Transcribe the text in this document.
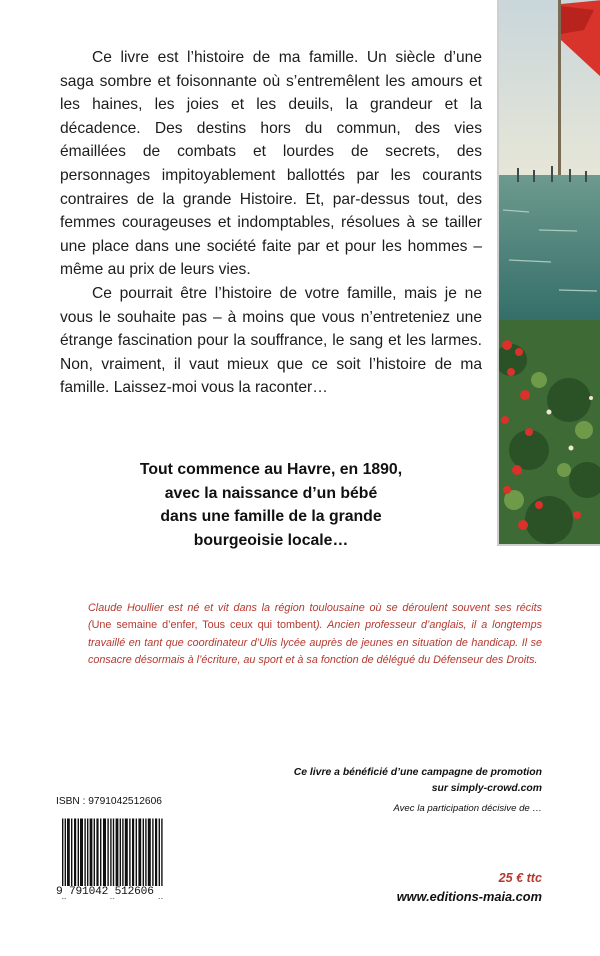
Ce livre est l’histoire de ma famille. Un siècle d’une saga sombre et foisonnante où s’entremêlent les amours et les haines, les joies et les deuils, la grandeur et la décadence. Des destins hors du commun, des vies émaillées de combats et lourdes de secrets, des personnages impitoyablement ballottés par les courants contraires de la grande Histoire. Et, par-dessus tout, des femmes courageuses et indomptables, résolues à se tailler une place dans une société faite par et pour les hommes – même au prix de leurs vies.

Ce pourrait être l’histoire de votre famille, mais je ne vous le souhaite pas – à moins que vous n’entreteniez une étrange fascination pour la souffrance, le sang et les larmes. Non, vraiment, il vaut mieux que ce soit l’histoire de ma famille. Laissez-moi vous la raconter…

Tout commence au Havre, en 1890,
avec la naissance d’un bébé
dans une famille de la grande
bourgeoisie locale…
Claude Houllier est né et vit dans la région toulousaine où se déroulent souvent ses récits (Une semaine d’enfer, Tous ceux qui tombent). Ancien professeur d’anglais, il a longtemps travaillé en tant que coordinateur d’Ulis lycée auprès de jeunes en situation de handicap. Il se consacre désormais à l’écriture, au sport et à sa fonction de délégué du Défenseur des Droits.
Ce livre a bénéficié d’une campagne de promotion
sur simply-crowd.com
Avec la participation décisive de …
ISBN : 9791042512606
9 791042 512606
25 € ttc
www.editions-maia.com
